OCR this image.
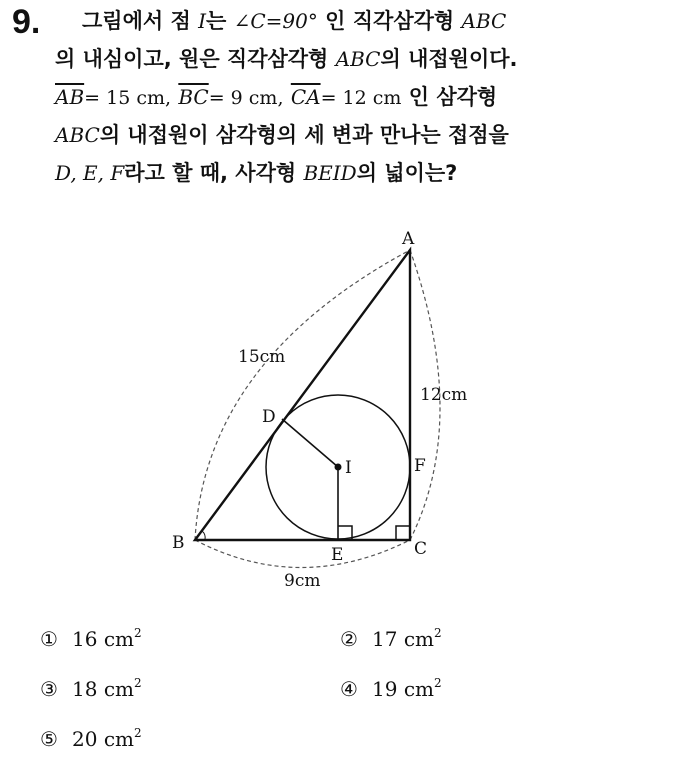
9.	그림에서 점 I는 ∠C=90° 인 직각삼각형 ABC
의 내심이고, 원은 직각삼각형 ABC의 내접원이다.
$\overline{AB}= 15$ cm, $\overline{BC}= 9$ cm, $\overline{CA}= 12$ cm 인 삼각형
ABC의 내접원이 삼각형의 세 변과 만나는 접점을
D, E, F라고 할 때, 사각형 BEID의 넓이는?
A
B	C
D
E
F
I
15cm
12cm
9cm
① 16 $cm^2$	② 17 $cm^2$
③ 18 $cm^2$	④ 19 $cm^2$
⑤ 20 $cm^2$
